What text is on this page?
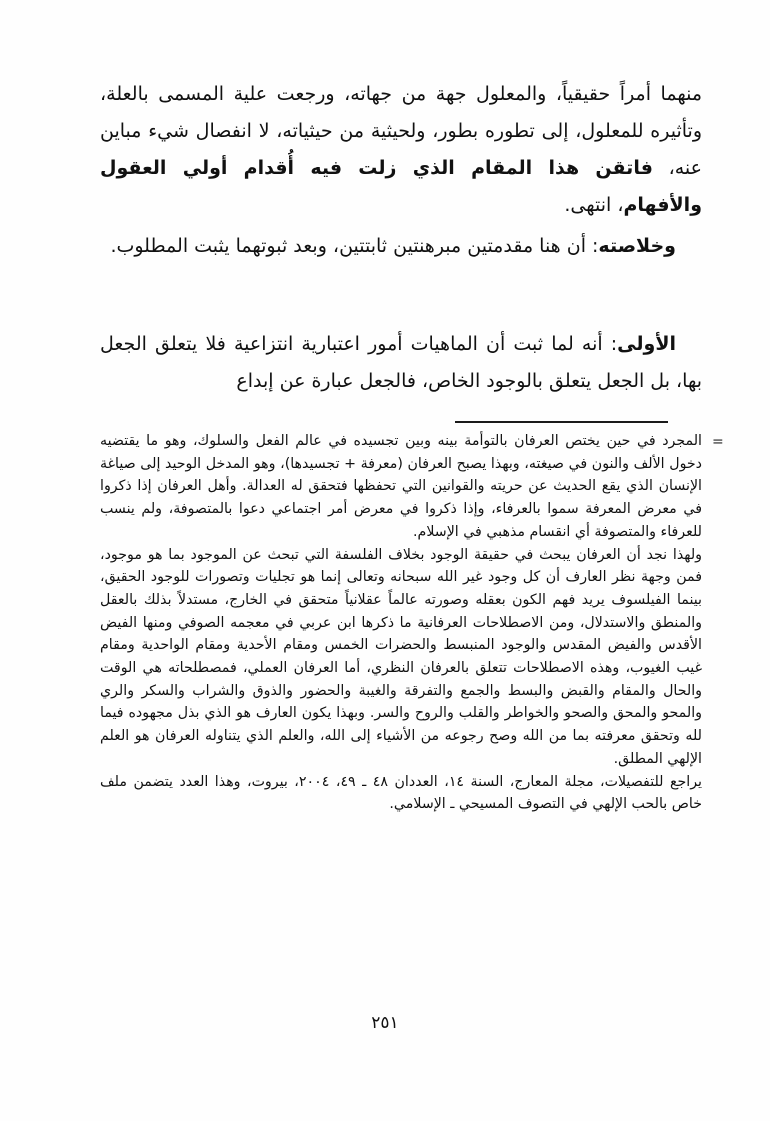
منهما أمراً حقيقياً، والمعلول جهة من جهاته، ورجعت علية المسمى بالعلة، وتأثيره للمعلول، إلى تطوره بطور، ولحيثية من حيثياته، لا انفصال شيء مباين عنه، فاتقن هذا المقام الذي زلت فيه أُقدام أولي العقول والأفهام، انتهى.

وخلاصته: أن هنا مقدمتين مبرهنتين ثابتتين، وبعد ثبوتهما يثبت المطلوب.

الأولى: أنه لما ثبت أن الماهيات أمور اعتبارية انتزاعية فلا يتعلق الجعل بها، بل الجعل يتعلق بالوجود الخاص، فالجعل عبارة عن إبداع

=

المجرد في حين يختص العرفان بالتوأمة بينه وبين تجسيده في عالم الفعل والسلوك، وهو ما يقتضيه دخول الألف والنون في صيغته، وبهذا يصبح العرفان (معرفة + تجسيدها)، وهو المدخل الوحيد إلى صياغة الإنسان الذي يقع الحديث عن حريته والقوانين التي تحفظها فتحقق له العدالة. وأهل العرفان إذا ذكروا في معرض المعرفة سموا بالعرفاء، وإذا ذكروا في معرض أمر اجتماعي دعوا بالمتصوفة، ولم ينسب للعرفاء والمتصوفة أي انقسام مذهبي في الإسلام.

ولهذا نجد أن العرفان يبحث في حقيقة الوجود بخلاف الفلسفة التي تبحث عن الموجود بما هو موجود، فمن وجهة نظر العارف أن كل وجود غير الله سبحانه وتعالى إنما هو تجليات وتصورات للوجود الحقيق، بينما الفيلسوف يريد فهم الكون بعقله وصورته عالماً عقلانياً متحقق في الخارج، مستدلاً بذلك بالعقل والمنطق والاستدلال، ومن الاصطلاحات العرفانية ما ذكرها ابن عربي في معجمه الصوفي ومنها الفيض الأقدس والفيض المقدس والوجود المنبسط والحضرات الخمس ومقام الأحدية ومقام الواحدية ومقام غيب الغيوب، وهذه الاصطلاحات تتعلق بالعرفان النظري، أما العرفان العملي، فمصطلحاته هي الوقت والحال والمقام والقبض والبسط والجمع والتفرقة والغيبة والحضور والذوق والشراب والسكر والري والمحو والمحق والصحو والخواطر والقلب والروح والسر. وبهذا يكون العارف هو الذي بذل مجهوده فيما لله وتحقق معرفته بما من الله وصح رجوعه من الأشياء إلى الله، والعلم الذي يتناوله العرفان هو العلم الإلهي المطلق.

يراجع للتفصيلات، مجلة المعارج، السنة ١٤، العددان ٤٨ ـ ٤٩، ٢٠٠٤، بيروت، وهذا العدد يتضمن ملف خاص بالحب الإلهي في التصوف المسيحي ـ الإسلامي.

٢٥١
